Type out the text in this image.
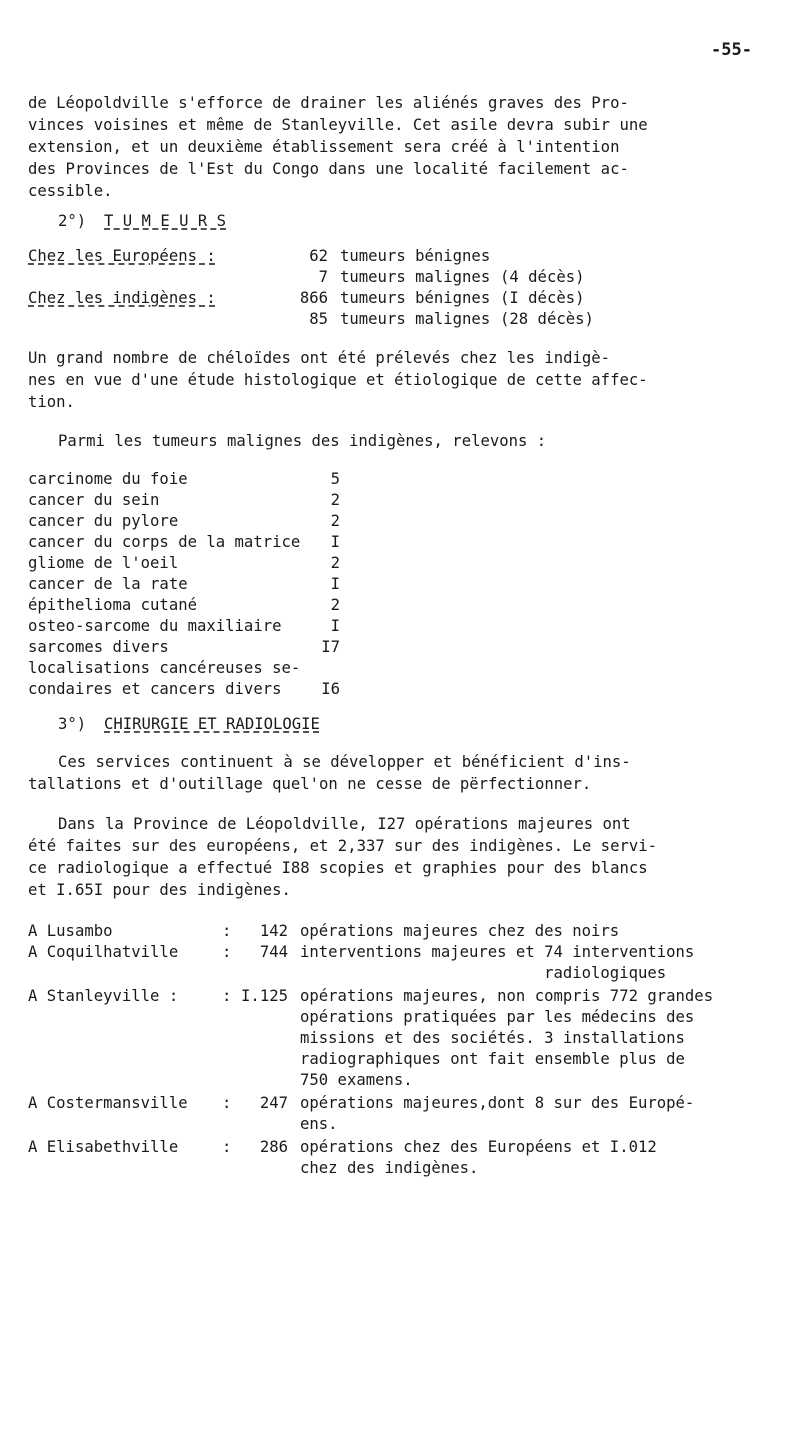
-55-
de Léopoldville s'efforce de drainer les aliénés graves des Pro-
vinces voisines et même de Stanleyville. Cet asile devra subir une
extension, et un deuxième établissement sera créé à l'intention
des Provinces de l'Est du Congo dans une localité facilement ac-
cessible.
2°) T U M E U R S
Chez les Européens :	62 tumeurs bénignes
7 tumeurs malignes (4 décès)
Chez les indigènes :	866 tumeurs bénignes (I décès)
85 tumeurs malignes (28 décès)
Un grand nombre de chéloïdes ont été prélevés chez les indigè-
nes en vue d'une étude histologique et étiologique de cette affec-
tion.
Parmi les tumeurs malignes des indigènes, relevons :
carcinome du foie	5
cancer du sein	2
cancer du pylore	2
cancer du corps de la matrice	I
gliome de l'oeil	2
cancer de la rate	I
épithelioma cutané	2
osteo-sarcome du maxiliaire	I
sarcomes divers	I7
localisations cancéreuses se-
condaires et cancers divers	I6
3°) CHIRURGIE ET RADIOLOGIE
Ces services continuent à se développer et bénéficient d'ins-
tallations et d'outillage quel'on ne cesse de përfectionner.
Dans la Province de Léopoldville, I27 opérations majeures ont
été faites sur des européens, et 2,337 sur des indigènes. Le servi-
ce radiologique a effectué I88 scopies et graphies pour des blancs
et I.65I pour des indigènes.
A Lusambo	:	142 opérations majeures chez des noirs
A Coquilhatville	:	744 interventions majeures et 74 interventions
radiologiques
A Stanleyville :	: I.125 opérations majeures, non compris 772 grandes
opérations pratiquées par les médecins des
missions et des sociétés. 3 installations
radiographiques ont fait ensemble plus de
750 examens.
A Costermansville :	247 opérations majeures,dont 8 sur des Europé-
ens.
A Elisabethville	:	286 opérations chez des Européens et I.012
chez des indigènes.
